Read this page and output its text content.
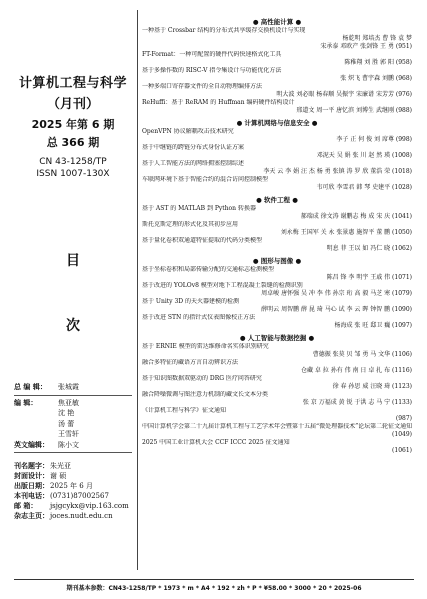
计算机工程与科学
（月刊）
2025 年第 6 期
总 366 期
CN 43-1258/TP
ISSN 1007-130X
目
次
总 编 辑：	张城霞
编 辑：	焦亚敏
沈 艳
汤 蕾
王雪轩
英文编辑：	陈小文
刊名题字： 朱光亚
封面设计： 谢 硕
出版日期： 2025 年 6 月
本刊电话： (0731)87002567
邮 箱：	jsjgcykx@vip.163.com
杂志主页： joces.nudt.edu.cn
● 高性能计算 ●
一种基于 Crossbar 结构的分布式共享缓存交换机设计与实现
杨乾明 郑培杰 曹 锋 袁 梦
宋承泰 邓欧产 张剑锋 王 勇 (951)
FT-Format：一种可配置的硬件代码快速格式化工具
陈稚翔 刘 胜 郭 阳 (958)
基于多操作数的 RISC-V 指令集设计与功能优化方法
张 炽飞 曹宇森 刘鹏 (968)
一种多端口寄存器文件的全自动物理编排方法
明大波 刘必眼 杨春顺 吴振宇 宋廉谱 宋芳芳 (976)
ReHuffi：基于 ReRAM 的 Huffman 编码硬件结构设计
邢道文 周一平 唐忆滨 刘博生 武继刚 (988)
● 计算机网络与信息安全 ●
OpenVPN 协议解耦攻击技术研究
李子 正 何 俊 刘 席尊 (998)
基于中继链的跨链分布式身份认证方案
邓泥天 吴 娟 张 川 赵 然 瑛 (1008)
基于人工智能方法的网络拥塞控制综述
李天 云 李 娟 汪 杰 杨 勇 张镇 涛 罗 欣 董浩 荣 (1018)
车联网环境下基于智能合约的混合访问控制模型
韦可欣 李雪君 韩 琴 史建平 (1028)
● 软件工程 ●
基于 AST 的 MATLAB 到 Python 转换器
郝瑞成 徐文涛 谢鹏志 梅 成 宋 庆 (1041)
斯托克斯定理的形式化及其初步应用
刘永梅 王国军 关 永 张景惠 施智平 董 鹏 (1050)
基于量化卷积双通道特征提取的代码分类模型
明息 菲 王以 如 冯仁 晓 (1062)
● 图形与图像 ●
基于坐标卷积和局部传输分配的交通标志检测模型
陈昌 锋 李 明宇 王戚 伟 (1071)
基于改进的 YOLOv8 模型对地下工程混凝土裂缝的检测识别
周卓峻 唐怀强 吴 冲 李 伟 孙宗 珩 高 毅 马芝 寒 (1079)
基于 Unity 3D 的天火器建模的检测
薛明云 周智鹏 薛 昆 琦 马心 试 李 云 晖 钟智 鹏 (1090)
基于改进 STN 的指针式仪表图像校正方法
杨海成 张 旺 邸卫 巍 (1097)
● 人工智能与数据挖掘 ●
基于 ERNIE 模型的雷达维修命名实体识别研究
曹德振 张莫 贝 邹 勇 马 文华 (1106)
融合多特征的藏语方言自动辨识方法
仓藏 卓 拉 孙有 伟 南 日 卓 扎 布 (1116)
基于知识图数据双驱动的 DRG 医疗问答研究
徐 春 孙思 威 汪晓 琦 (1123)
融合降噪微调与图注意力机制的藏文长文本分类
张 京 万福成 黄 锐 于洪 志 马 宁 (1133)
《计算机工程与科学》征文通知
(987)
中国计算机学会第二十九届计算机工程与工艺学术年会暨第十五届“微处理器技术”论坛第二轮征文通知
(1049)
2025 中国工业计算机大会 CCF ICCC 2025 征文通知
(1061)
期刊基本参数：CN43-1258/TP * 1973 * m * A4 * 192 * zh * P * ¥58.00 * 3000 * 20 * 2025-06
